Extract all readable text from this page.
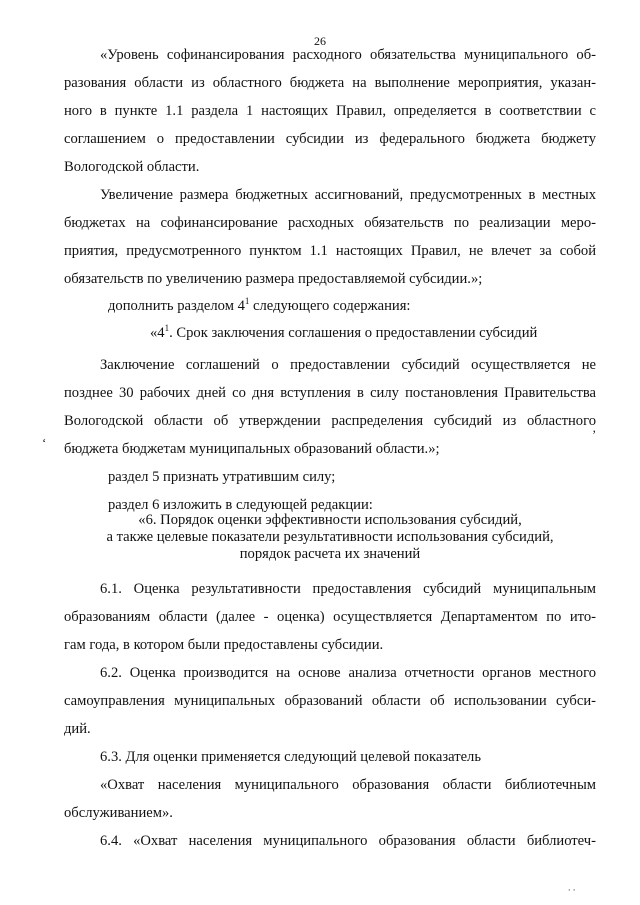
26
«Уровень софинансирования расходного обязательства муниципального об-
разования области из областного бюджета на выполнение мероприятия, указан-
ного в пункте 1.1 раздела 1 настоящих Правил, определяется в соответствии с
соглашением о предоставлении субсидии из федерального бюджета бюджету
Вологодской области.
Увеличение размера бюджетных ассигнований, предусмотренных в местных
бюджетах на софинансирование расходных обязательств по реализации меро-
приятия, предусмотренного пунктом 1.1 настоящих Правил, не влечет за собой
обязательств по увеличению размера предоставляемой субсидии.»;
дополнить разделом $4^1$ следующего содержания:
«$4^1$. Срок заключения соглашения о предоставлении субсидий
Заключение соглашений о предоставлении субсидий осуществляется не
позднее 30 рабочих дней со дня вступления в силу постановления Правительства
Вологодской области об утверждении распределения субсидий из областного
бюджета бюджетам муниципальных образований области.»;
раздел 5 признать утратившим силу;
раздел 6 изложить в следующей редакции:
«6. Порядок оценки эффективности использования субсидий,
а также целевые показатели результативности использования субсидий,
порядок расчета их значений
6.1. Оценка результативности предоставления субсидий муниципальным
образованиям области (далее - оценка) осуществляется Департаментом по ито-
гам года, в котором были предоставлены субсидии.
6.2. Оценка производится на основе анализа отчетности органов местного
самоуправления муниципальных образований области об использовании субси-
дий.
6.3. Для оценки применяется следующий целевой показатель
«Охват населения муниципального образования области библиотечным
обслуживанием».
6.4. «Охват населения муниципального образования области библиотеч-
‘
’
 · ·
